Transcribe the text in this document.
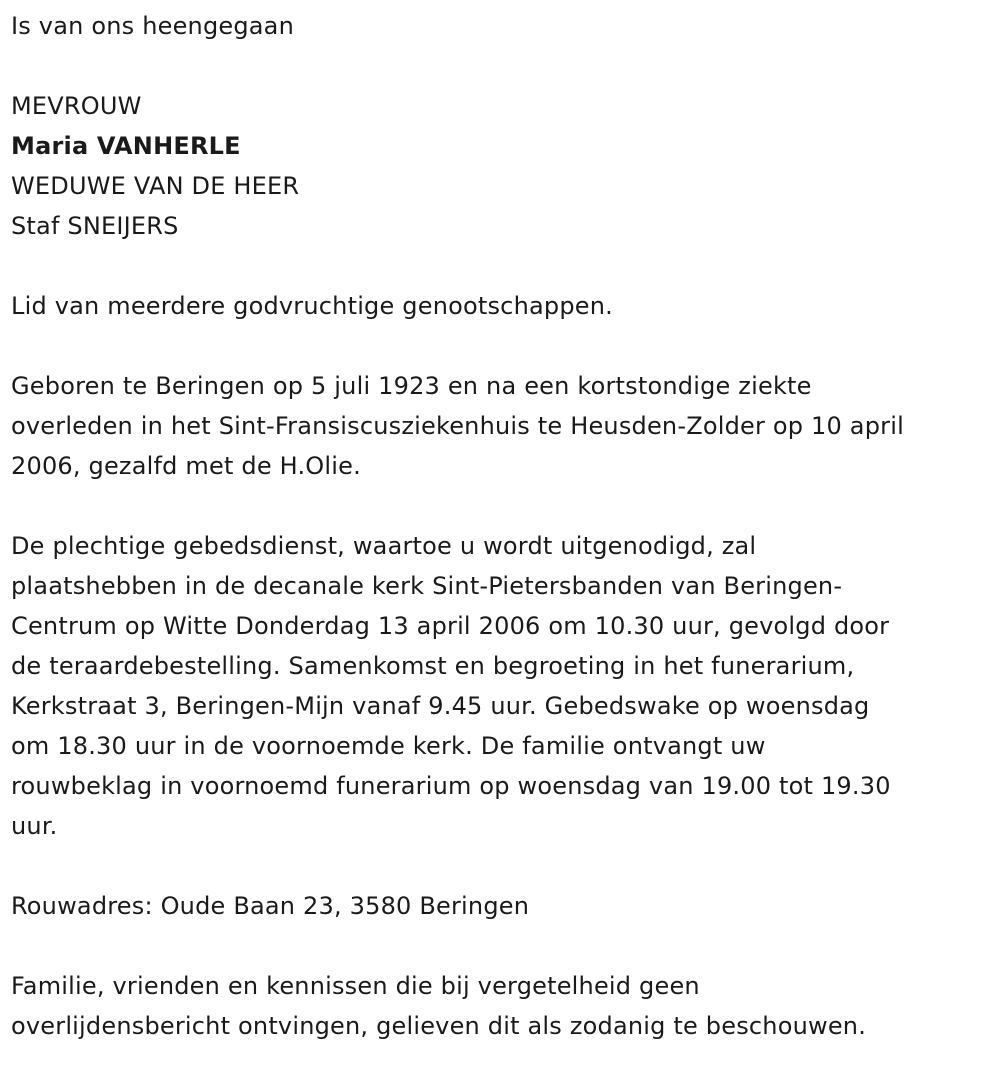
Is van ons heengegaan

MEVROUW

Maria VANHERLE

WEDUWE VAN DE HEER

Staf SNEIJERS

Lid van meerdere godvruchtige genootschappen.

Geboren te Beringen op 5 juli 1923 en na een kortstondige ziekte
overleden in het Sint-Fransiscusziekenhuis te Heusden-Zolder op 10 april
2006, gezalfd met de H.Olie.
De plechtige gebedsdienst, waartoe u wordt uitgenodigd, zal
plaatshebben in de decanale kerk Sint-Pietersbanden van Beringen-
Centrum op Witte Donderdag 13 april 2006 om 10.30 uur, gevolgd door
de teraardebestelling. Samenkomst en begroeting in het funerarium,
Kerkstraat 3, Beringen-Mijn vanaf 9.45 uur. Gebedswake op woensdag
om 18.30 uur in de voornoemde kerk. De familie ontvangt uw
rouwbeklag in voornoemd funerarium op woensdag van 19.00 tot 19.30
uur.

Rouwadres: Oude Baan 23, 3580 Beringen

Familie, vrienden en kennissen die bij vergetelheid geen
overlijdensbericht ontvingen, gelieven dit als zodanig te beschouwen.
